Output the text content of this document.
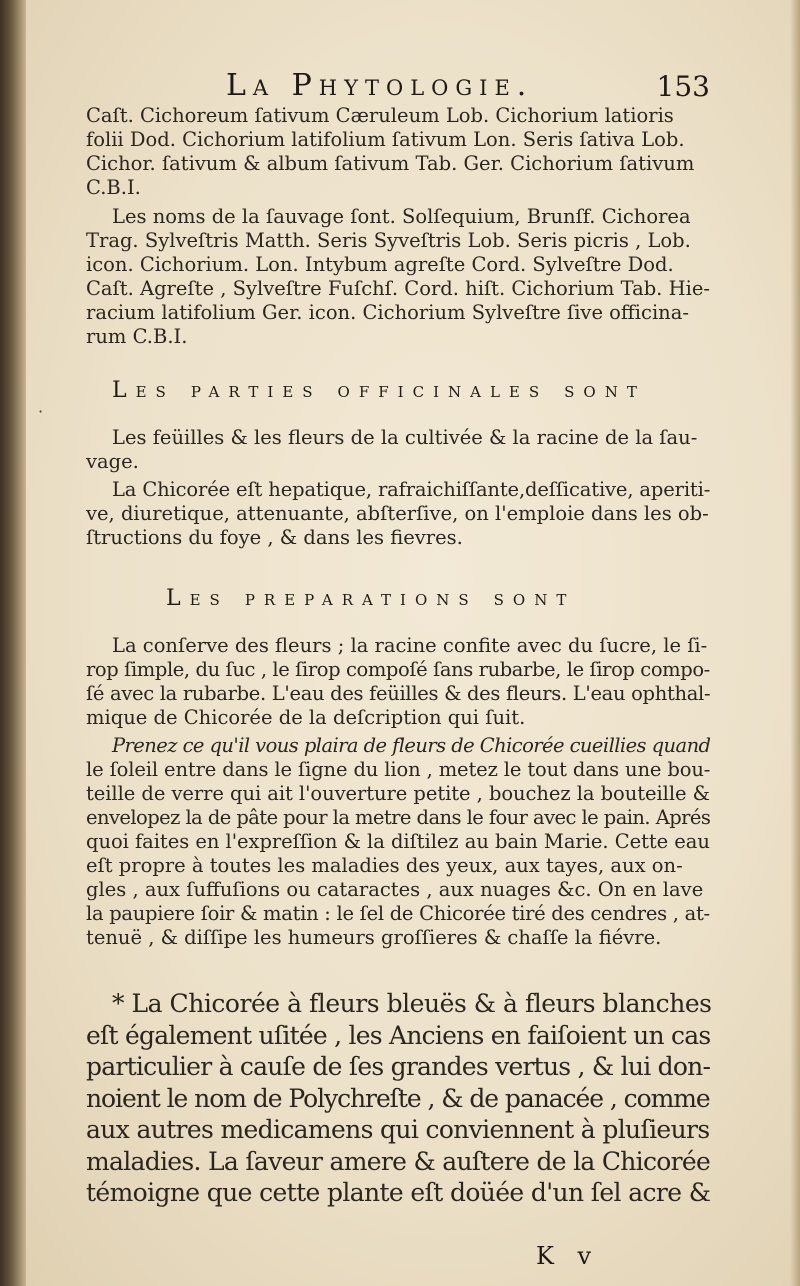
La Phytologie.	153

Caſt. Cichoreum ſativum Cæruleum Lob. Cichorium latioris

folii Dod. Cichorium latifolium ſativum Lon. Seris ſativa Lob.

Cichor. ſativum & album ſativum Tab. Ger. Cichorium ſativum

C.B.I.

Les noms de la ſauvage ſont. Solſequium, Brunſf. Cichorea

Trag. Sylveſtris Matth. Seris Syveſtris Lob. Seris picris , Lob.

icon. Cichorium. Lon. Intybum agreſte Cord. Sylveſtre Dod.

Caſt. Agreſte , Sylveſtre Fuſchſ. Cord. hiſt. Cichorium Tab. Hie-

racium latifolium Ger. icon. Cichorium Sylveſtre ſive officina-

rum C.B.I.

Les parties officinales sont
·

Les feüilles & les fleurs de la cultivée & la racine de la ſau-

vage.

La Chicorée eſt hepatique, rafraichiſſante,deſſicative, aperiti-

ve, diuretique, attenuante, abſterſive, on l'emploie dans les ob-

ſtructions du foye , & dans les fievres.

Les preparations sont

La conſerve des fleurs ; la racine confite avec du ſucre, le ſi-

rop ſimple, du ſuc , le ſirop compoſé ſans rubarbe, le ſirop compo-

ſé avec la rubarbe. L'eau des feüilles & des fleurs. L'eau ophthal-

mique de Chicorée de la deſcription qui ſuit.

Prenez ce qu'il vous plaira de fleurs de Chicorée cueillies quand

le ſoleil entre dans le ſigne du lion , metez le tout dans une bou-

teille de verre qui ait l'ouverture petite , bouchez la bouteille &

envelopez la de pâte pour la metre dans le four avec le pain. Aprés

quoi faites en l'expreſſion & la diſtilez au bain Marie. Cette eau

eſt propre à toutes les maladies des yeux, aux tayes, aux on-

gles , aux ſuffuſions ou cataractes , aux nuages &c. On en lave

la paupiere ſoir & matin : le ſel de Chicorée tiré des cendres , at-

tenuë , & diſſipe les humeurs groſſieres & chaſſe la fiévre.

* La Chicorée à fleurs bleuës & à fleurs blanches

eſt également uſitée , les Anciens en faiſoient un cas

particulier à cauſe de ſes grandes vertus , & lui don-

noient le nom de Polychreſte , & de panacée , comme

aux autres medicamens qui conviennent à pluſieurs

maladies. La ſaveur amere & auſtere de la Chicorée

témoigne que cette plante eſt doüée d'un ſel acre &

K v
